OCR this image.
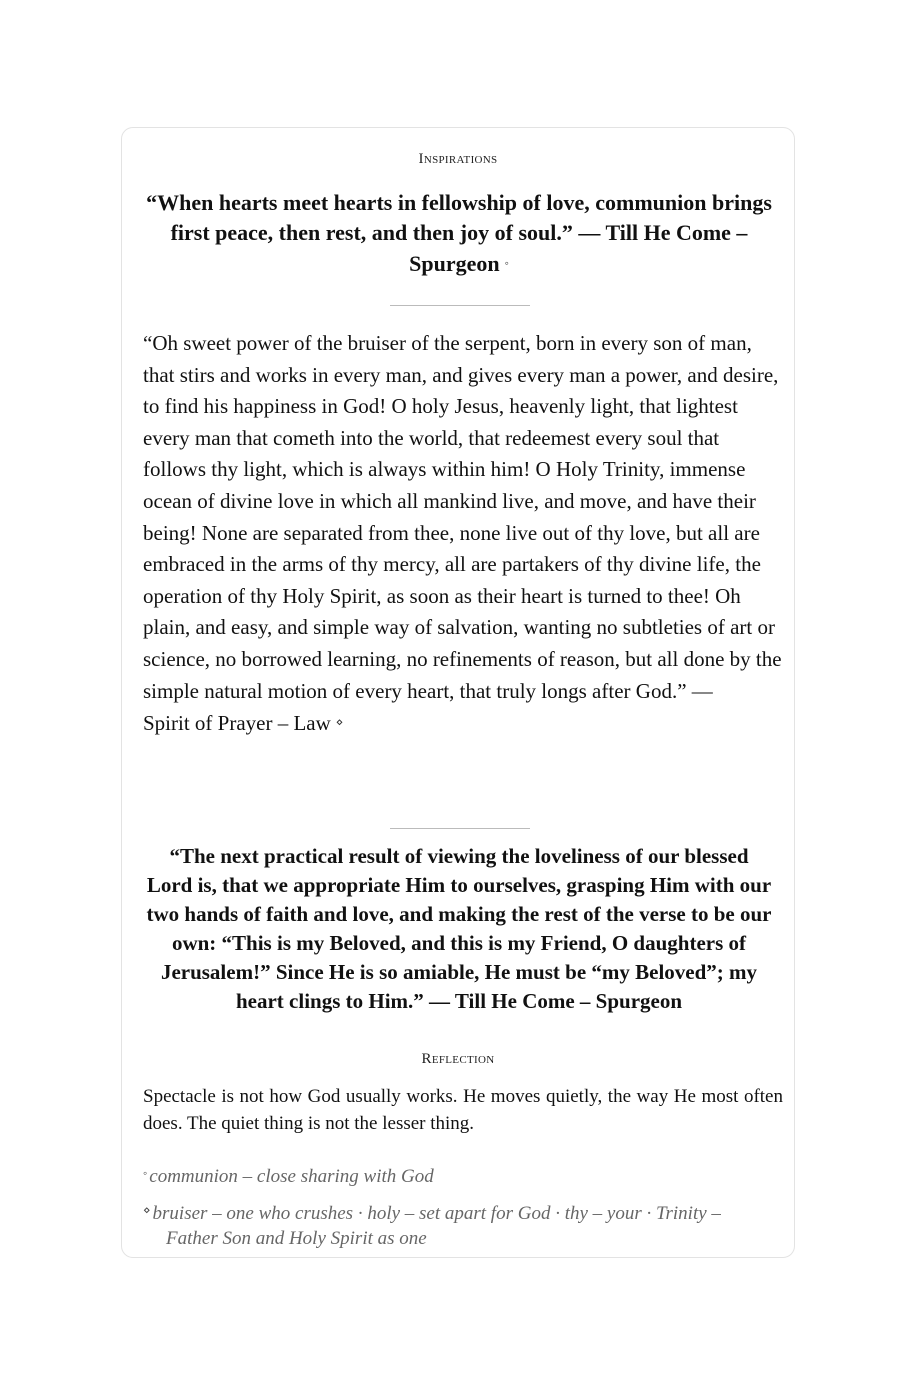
Inspirations
“When hearts meet hearts in fellowship of love, communion brings first peace, then rest, and then joy of soul.” — Till He Come – Spurgeon ◦
“Oh sweet power of the bruiser of the serpent, born in every son of man, that stirs and works in every man, and gives every man a power, and desire, to find his happiness in God! O holy Jesus, heavenly light, that lightest every man that cometh into the world, that redeemest every soul that follows thy light, which is always within him! O Holy Trinity, immense ocean of divine love in which all mankind live, and move, and have their being! None are separated from thee, none live out of thy love, but all are embraced in the arms of thy mercy, all are partakers of thy divine life, the operation of thy Holy Spirit, as soon as their heart is turned to thee! Oh plain, and easy, and simple way of salvation, wanting no subtleties of art or science, no borrowed learning, no refinements of reason, but all done by the simple natural motion of every heart, that truly longs after God.” —
Spirit of Prayer – Law ⋄
“The next practical result of viewing the loveliness of our blessed Lord is, that we appropriate Him to ourselves, grasping Him with our two hands of faith and love, and making the rest of the verse to be our own: “This is my Beloved, and this is my Friend, O daughters of Jerusalem!” Since He is so amiable, He must be “my Beloved”; my heart clings to Him.” — Till He Come – Spurgeon
Reflection
Spectacle is not how God usually works. He moves quietly, the way He most often does. The quiet thing is not the lesser thing.
◦ communion – close sharing with God
⋄ bruiser – one who crushes · holy – set apart for God · thy – your · Trinity – Father Son and Holy Spirit as one
